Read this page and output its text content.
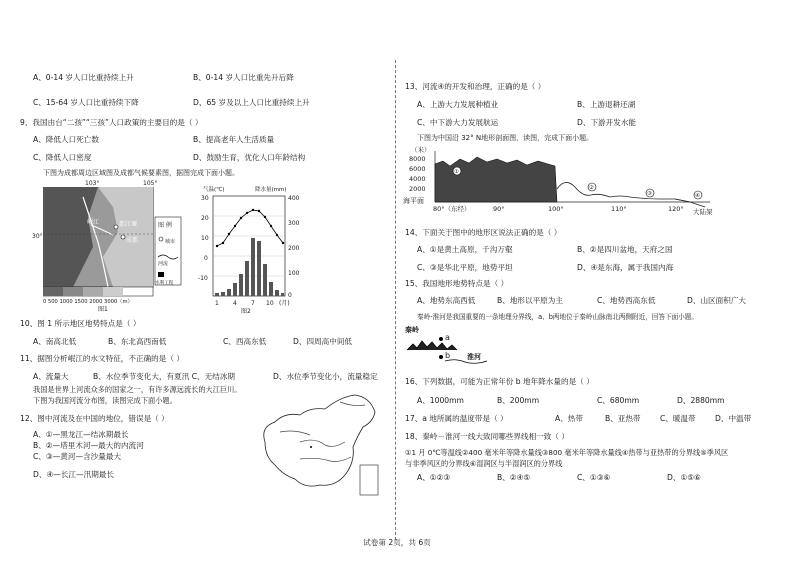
A、0-14 岁人口比重持续上升	B、0-14 岁人口比重先升后降
C、15-64 岁人口比重持续下降	D、65 岁及以上人口比重持续上升
9、我国由台“二孩”“三孩”人口政策的主要目的是（ ）
A、降低人口死亡数	B、提高老年人生活质量
C、降低人口密度	D、鼓励生育，优化人口年龄结构
下图为成都周边区域图及成都气候要素图，据图完成下面小题。
103°	105°
30°
都江堰
成都
岷江
0 500 1000 1500 2000 3000（m）
图 例
城市
河流
水利工程
图1
气温(℃)	降水量(mm)
30
20
10
0
-10
400
300
200
100
0
1 4 7 10 (月)
图2
10、图 1 所示地区地势特点是（ ）
A、南高北低	B、东北高西南低	C、西高东低	D、四周高中间低
11、据图分析岷江的水文特征，不正确的是（ ）
A、流量大	B、水位季节变化大，有夏汛 C、无结冰期	D、水位季节变化小，流量稳定
我国是世界上河流众多的国家之一，有许多源远流长的大江巨川。下图为我国河流分布图，读图完成下面小题。
12、图中河流及在中国的地位，错误是（ ）
A、①—黑龙江—结冰期最长
B、②—塔里木河—最大的内流河
C、③—黄河—含沙量最大
D、④—长江—汛期最长
13、河流④的开发和治理，正确的是（ ）
A、上游大力发展种植业	B、上游退耕还湖
C、中下游大力发展航运	D、下游开发水能
下图为中国沿 32° N地形剖面图，读图，完成下面小题。
（米）
8000
6000
4000
2000
海平面
80°（东经）	90°	100°	110°	120° 大陆架
①
②
③	④
14、下面关于图中的地形区说法正确的是（ ）
A、①是黄土高原，千沟万壑	B、②是四川盆地，天府之国
C、③是华北平原，地势平坦	D、④是东海，属于我国内海
15、我国地形地势特点是（ ）
A、地势东高西低	B、地形以平原为主	C、地势西高东低	D、山区面积广大
秦岭-淮河是我国重要的一条地理分界线，a、b两地位于秦岭山脉南北两侧附近，回答下面小题。
秦岭
a
b 淮河
16、下列数据，可能为正常年份 b 地年降水量的是（ ）
A、1000mm	B、200mm	C、680mm	D、2880mm
17、a 地所属的温度带是（ ）	A、热带	B、亚热带	C、暖温带	D、中温带
18、秦岭－淮河一线大致同哪些界线相一致（ ）
①1 月 0℃等温线②400 毫米年等降水量线③800 毫米年等降水量线④热带与亚热带的分界线⑤季风区
与非季风区的分界线⑥湿润区与半湿润区的分界线
A、①②③	B、②④⑤	C、①③⑥	D、①⑤⑥
试卷第 2页，共 6页
